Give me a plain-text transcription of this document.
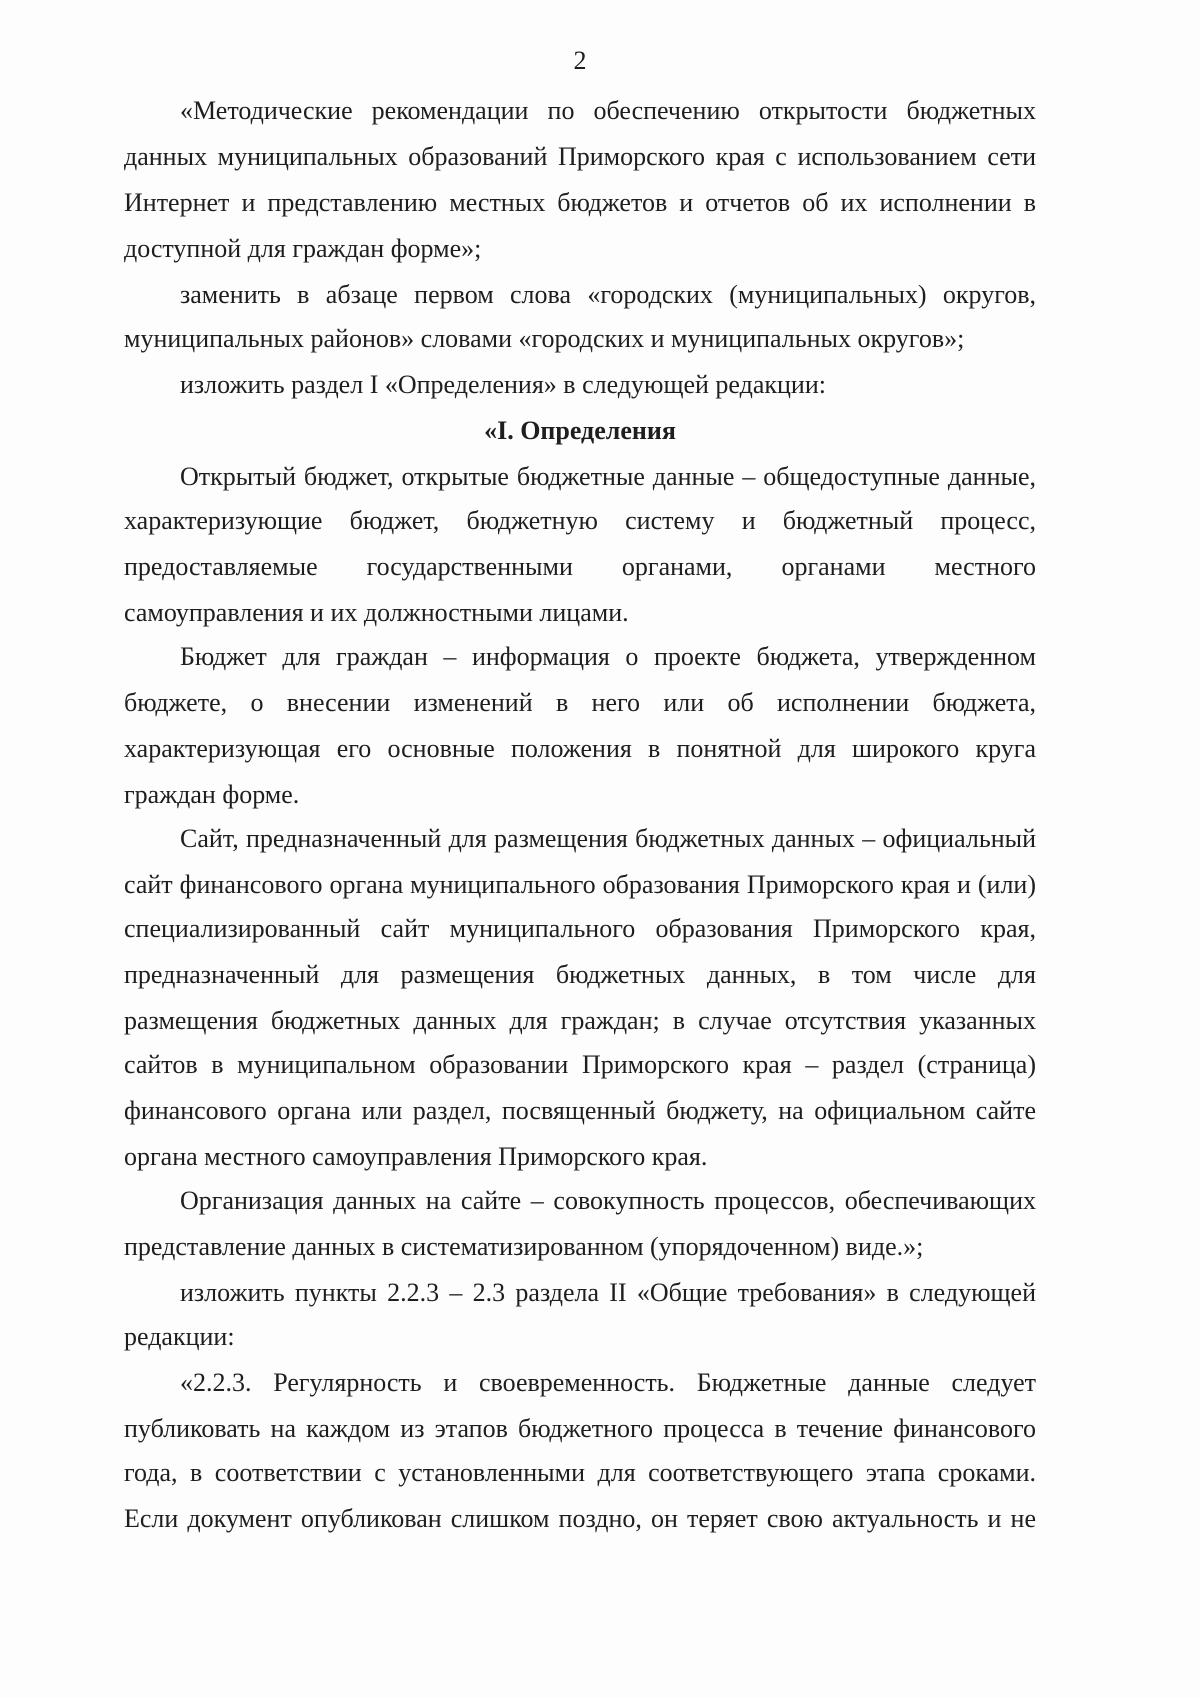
2
«Методические рекомендации по обеспечению открытости бюджетных
данных муниципальных образований Приморского края с использованием сети
Интернет и представлению местных бюджетов и отчетов об их исполнении в
доступной для граждан форме»;
заменить в абзаце первом слова «городских (муниципальных) округов,
муниципальных районов» словами «городских и муниципальных округов»;
изложить раздел I «Определения» в следующей редакции:
«I. Определения
Открытый бюджет, открытые бюджетные данные – общедоступные данные,
характеризующие бюджет, бюджетную систему и бюджетный процесс,
предоставляемые государственными органами, органами местного
самоуправления и их должностными лицами.
Бюджет для граждан – информация о проекте бюджета, утвержденном
бюджете, о внесении изменений в него или об исполнении бюджета,
характеризующая его основные положения в понятной для широкого круга
граждан форме.
Сайт, предназначенный для размещения бюджетных данных – официальный
сайт финансового органа муниципального образования Приморского края и (или)
специализированный сайт муниципального образования Приморского края,
предназначенный для размещения бюджетных данных, в том числе для
размещения бюджетных данных для граждан; в случае отсутствия указанных
сайтов в муниципальном образовании Приморского края – раздел (страница)
финансового органа или раздел, посвященный бюджету, на официальном сайте
органа местного самоуправления Приморского края.
Организация данных на сайте – совокупность процессов, обеспечивающих
представление данных в систематизированном (упорядоченном) виде.»;
изложить пункты 2.2.3 – 2.3 раздела II «Общие требования» в следующей
редакции:
«2.2.3. Регулярность и своевременность. Бюджетные данные следует
публиковать на каждом из этапов бюджетного процесса в течение финансового
года, в соответствии с установленными для соответствующего этапа сроками.
Если документ опубликован слишком поздно, он теряет свою актуальность и не
